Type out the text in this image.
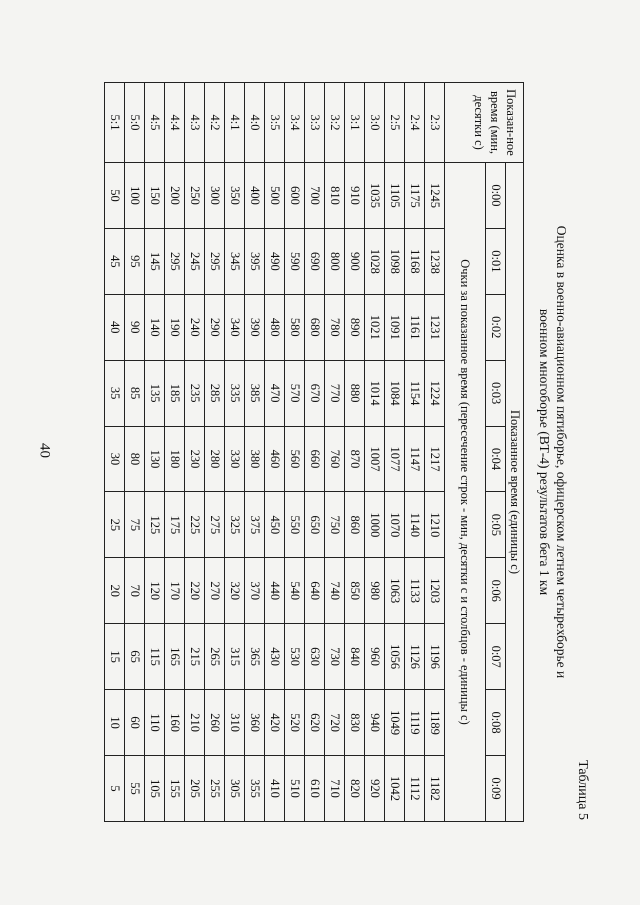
40
Таблица 5
Оценка в военно-авиационном пятиборье, офицерском летнем четырехборье и
военном многоборье (ВТ-4) результатов бега 1 км
Показан-ное время (мин, десятки с)	Показанное время (единицы с)									
	0:00	0:01	0:02	0:03	0:04	0:05	0:06	0:07	0:08	0:09
	Очки за показанное время (пересечение строк - мин, десятки с и столбцов - единицы с)									
2:3	1245	1238	1231	1224	1217	1210	1203	1196	1189	1182
2:4	1175	1168	1161	1154	1147	1140	1133	1126	1119	1112
2:5	1105	1098	1091	1084	1077	1070	1063	1056	1049	1042
3:0	1035	1028	1021	1014	1007	1000	980	960	940	920
3:1	910	900	890	880	870	860	850	840	830	820
3:2	810	800	780	770	760	750	740	730	720	710
3:3	700	690	680	670	660	650	640	630	620	610
3:4	600	590	580	570	560	550	540	530	520	510
3:5	500	490	480	470	460	450	440	430	420	410
4:0	400	395	390	385	380	375	370	365	360	355
4:1	350	345	340	335	330	325	320	315	310	305
4:2	300	295	290	285	280	275	270	265	260	255
4:3	250	245	240	235	230	225	220	215	210	205
4:4	200	295	190	185	180	175	170	165	160	155
4:5	150	145	140	135	130	125	120	115	110	105
5:0	100	95	90	85	80	75	70	65	60	55
5:1	50	45	40	35	30	25	20	15	10	5
